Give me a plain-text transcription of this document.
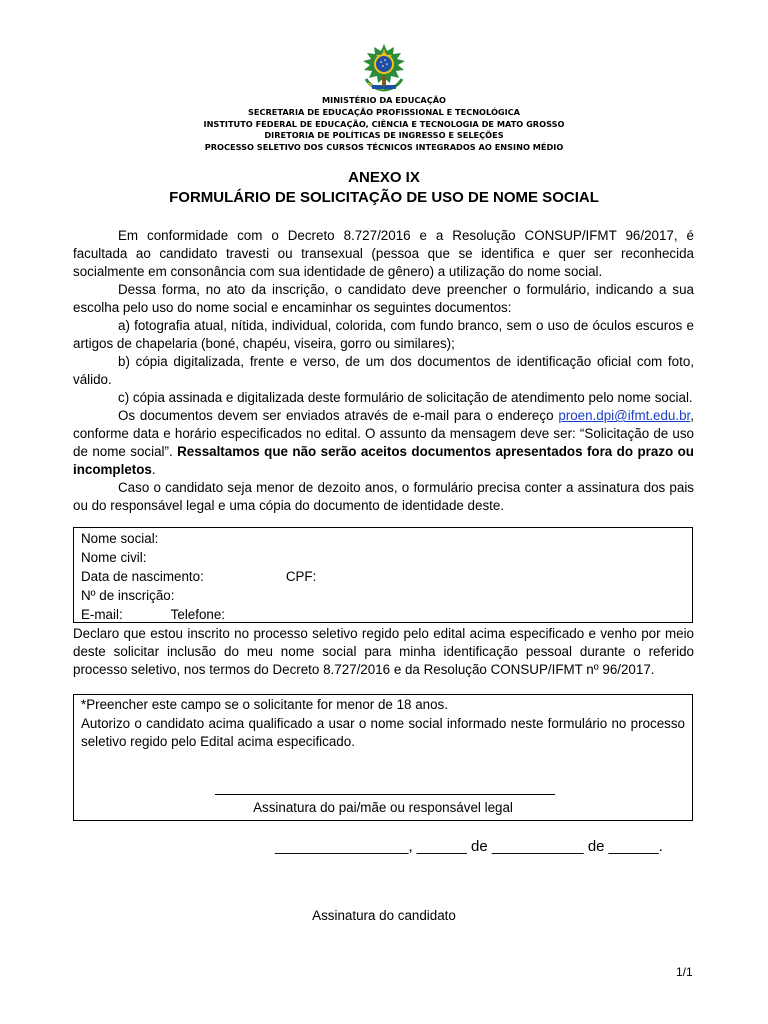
MINISTÉRIO DA EDUCAÇÃO
SECRETARIA DE EDUCAÇÃO PROFISSIONAL E TECNOLÓGICA
INSTITUTO FEDERAL DE EDUCAÇÃO, CIÊNCIA E TECNOLOGIA DE MATO GROSSO
DIRETORIA DE POLÍTICAS DE INGRESSO E SELEÇÕES
PROCESSO SELETIVO DOS CURSOS TÉCNICOS INTEGRADOS AO ENSINO MÉDIO
ANEXO IX
FORMULÁRIO DE SOLICITAÇÃO DE USO DE NOME SOCIAL
Em conformidade com o Decreto 8.727/2016 e a Resolução CONSUP/IFMT 96/2017, é facultada ao candidato travesti ou transexual (pessoa que se identifica e quer ser reconhecida socialmente em consonância com sua identidade de gênero) a utilização do nome social.
Dessa forma, no ato da inscrição, o candidato deve preencher o formulário, indicando a sua escolha pelo uso do nome social e encaminhar os seguintes documentos:
a) fotografia atual, nítida, individual, colorida, com fundo branco, sem o uso de óculos escuros e artigos de chapelaria (boné, chapéu, viseira, gorro ou similares);
b) cópia digitalizada, frente e verso, de um dos documentos de identificação oficial com foto, válido.
c) cópia assinada e digitalizada deste formulário de solicitação de atendimento pelo nome social.
Os documentos devem ser enviados através de e-mail para o endereço proen.dpi@ifmt.edu.br, conforme data e horário especificados no edital. O assunto da mensagem deve ser: “Solicitação de uso de nome social”. Ressaltamos que não serão aceitos documentos apresentados fora do prazo ou incompletos.
Caso o candidato seja menor de dezoito anos, o formulário precisa conter a assinatura dos pais ou do responsável legal e uma cópia do documento de identidade deste.
Nome social:
Nome civil:
Data de nascimento:	CPF:
Nº de inscrição:
E-mail:	Telefone:
Declaro que estou inscrito no processo seletivo regido pelo edital acima especificado e venho por meio deste solicitar inclusão do meu nome social para minha identificação pessoal durante o referido processo seletivo, nos termos do Decreto 8.727/2016 e da Resolução CONSUP/IFMT nº 96/2017.
*Preencher este campo se o solicitante for menor de 18 anos.
Autorizo o candidato acima qualificado a usar o nome social informado neste formulário no processo seletivo regido pelo Edital acima especificado.
Assinatura do pai/mãe ou responsável legal
________________, ______ de ___________ de ______.
Assinatura do candidato
1/1
